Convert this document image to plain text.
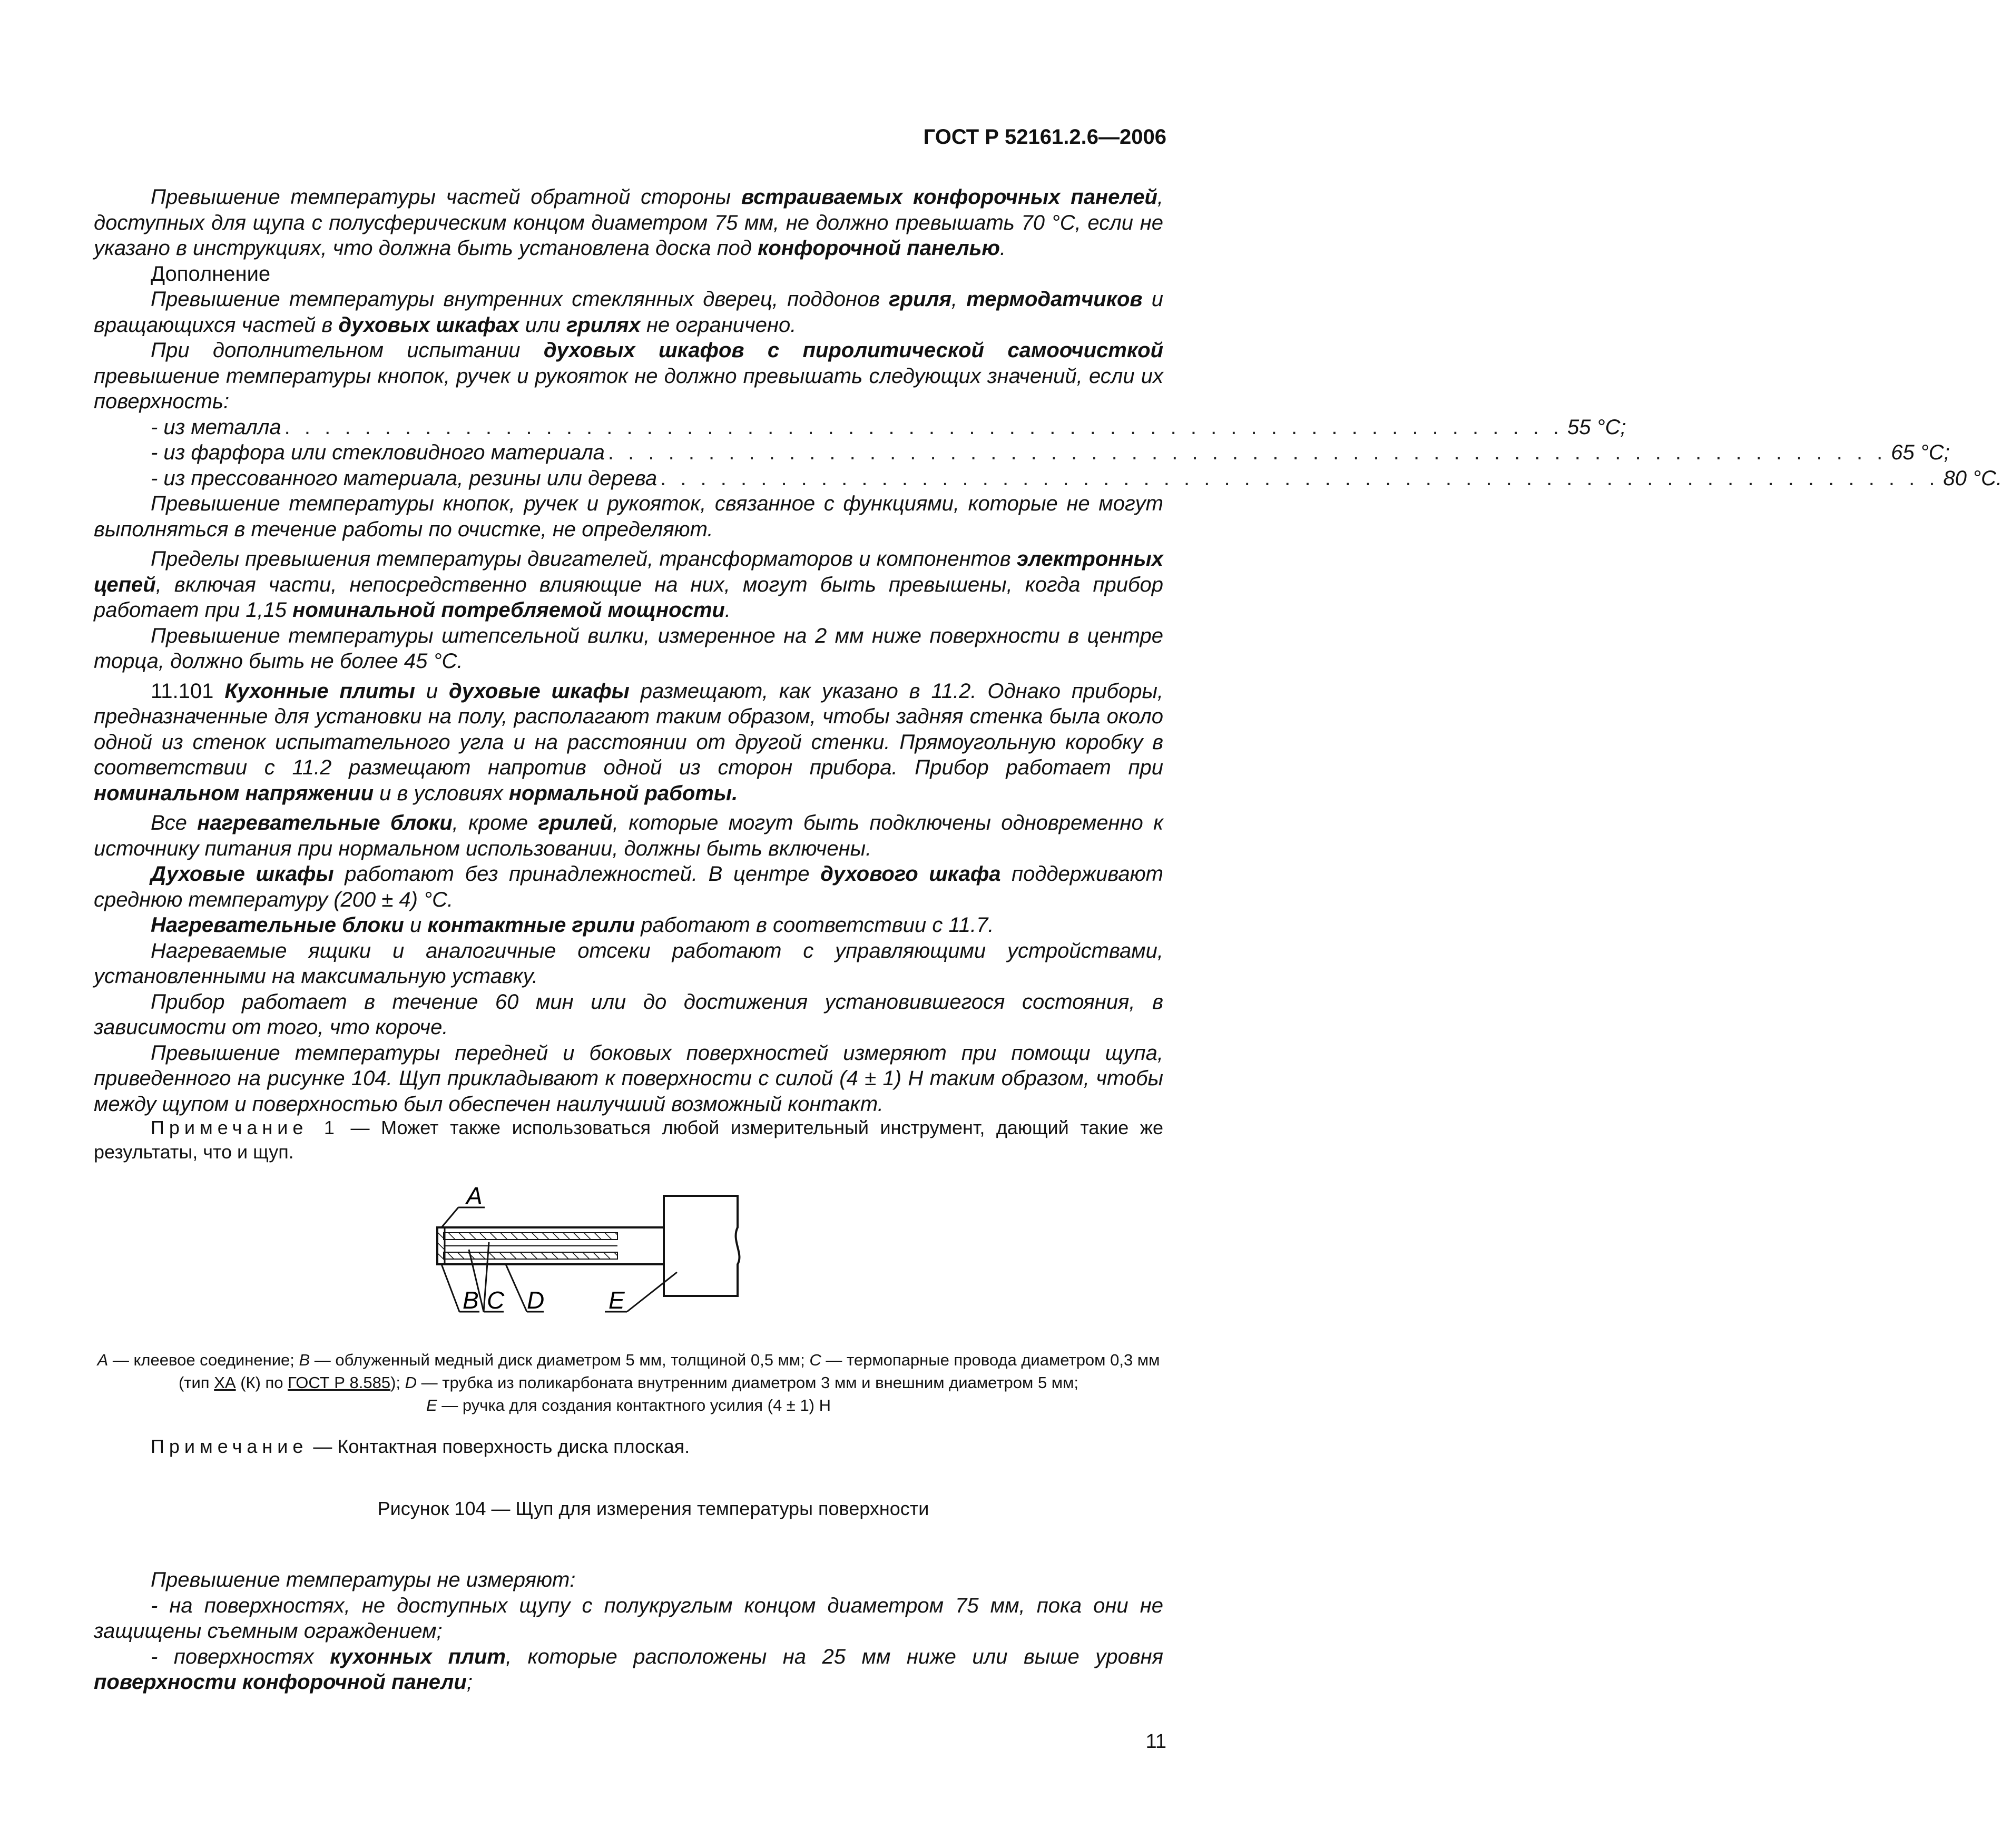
ГОСТ Р 52161.2.6—2006

Превышение температуры частей обратной стороны встраиваемых конфорочных панелей, доступных для щупа с полусферическим концом диаметром 75 мм, не должно превышать 70 °С, если не указано в инструкциях, что должна быть установлена доска под конфорочной панелью.

Дополнение

Превышение температуры внутренних стеклянных дверец, поддонов гриля, термодатчиков и вращающихся частей в духовых шкафах или грилях не ограничено.

При дополнительном испытании духовых шкафов с пиролитической самоочисткой превышение температуры кнопок, ручек и рукояток не должно превышать следующих значений, если их поверхность:

- из металла . . . . . . . . . . . . . . . . . . . . . . . . . . . . . . . . . . . . . . . . . . . . . . . . . . . . . . . . . . . . . . . . 55 °С;
- из фарфора или стекловидного материала . . . . . . . . . . . . . . . . . . . . . . . . . . . . . . . . . . . . . . . . . . . . . . . . . . . . . . . . . . . . . . . . 65 °С;
- из прессованного материала, резины или дерева . . . . . . . . . . . . . . . . . . . . . . . . . . . . . . . . . . . . . . . . . . . . . . . . . . . . . . . . . . . . . . . . 80 °С.

Превышение температуры кнопок, ручек и рукояток, связанное с функциями, которые не могут выполняться в течение работы по очистке, не определяют.

Пределы превышения температуры двигателей, трансформаторов и компонентов электронных цепей, включая части, непосредственно влияющие на них, могут быть превышены, когда прибор работает при 1,15 номинальной потребляемой мощности.

Превышение температуры штепсельной вилки, измеренное на 2 мм ниже поверхности в центре торца, должно быть не более 45 °С.

11.101 Кухонные плиты и духовые шкафы размещают, как указано в 11.2. Однако приборы, предназначенные для установки на полу, располагают таким образом, чтобы задняя стенка была около одной из стенок испытательного угла и на расстоянии от другой стенки. Прямоугольную коробку в соответствии с 11.2 размещают напротив одной из сторон прибора. Прибор работает при номинальном напряжении и в условиях нормальной работы.

Все нагревательные блоки, кроме грилей, которые могут быть подключены одновременно к источнику питания при нормальном использовании, должны быть включены.

Духовые шкафы работают без принадлежностей. В центре духового шкафа поддерживают среднюю температуру (200 ± 4) °С.

Нагревательные блоки и контактные грили работают в соответствии с 11.7.

Нагреваемые ящики и аналогичные отсеки работают с управляющими устройствами, установленными на максимальную уставку.

Прибор работает в течение 60 мин или до достижения установившегося состояния, в зависимости от того, что короче.

Превышение температуры передней и боковых поверхностей измеряют при помощи щупа, приведенного на рисунке 104. Щуп прикладывают к поверхности с силой (4 ± 1) Н таким образом, чтобы между щупом и поверхностью был обеспечен наилучший возможный контакт.

Примечание 1 — Может также использоваться любой измерительный инструмент, дающий такие же результаты, что и щуп.
А
В С D	Е
А — клеевое соединение; В — облуженный медный диск диаметром 5 мм, толщиной 0,5 мм; С — термопарные провода диаметром 0,3 мм (тип ХА (К) по ГОСТ Р 8.585); D — трубка из поликарбоната внутренним диаметром 3 мм и внешним диаметром 5 мм;
Е — ручка для создания контактного усилия (4 ± 1) Н
Примечание — Контактная поверхность диска плоская.
Рисунок 104 — Щуп для измерения температуры поверхности

Превышение температуры не измеряют:

- на поверхностях, не доступных щупу с полукруглым концом диаметром 75 мм, пока они не защищены съемным ограждением;

- поверхностях кухонных плит, которые расположены на 25 мм ниже или выше уровня поверхности конфорочной панели;

11
